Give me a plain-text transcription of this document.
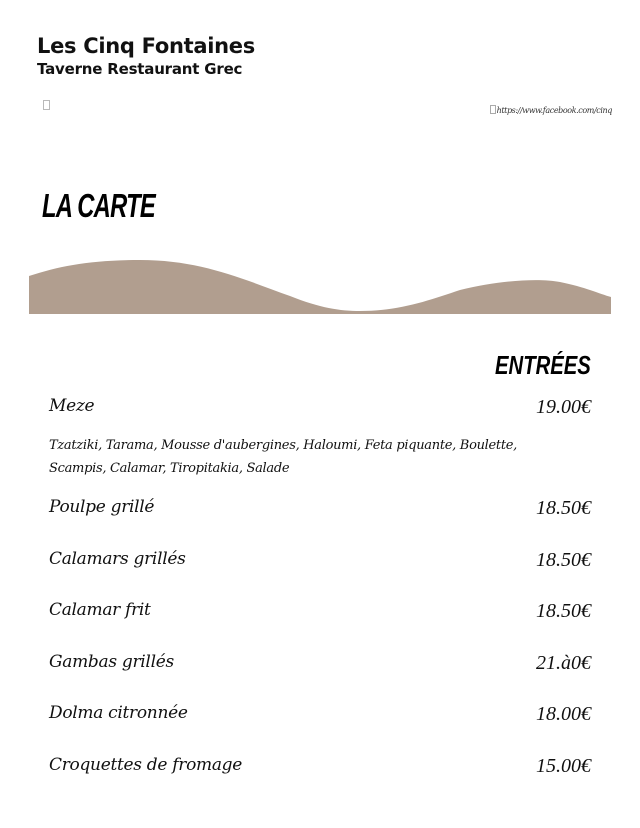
Les Cinq Fontaines
Taverne Restaurant Grec
https://www.facebook.com/cinq
LA CARTE
ENTRÉES
Meze	19.00€
Tzatziki, Tarama, Mousse d'aubergines, Haloumi, Feta piquante, Boulette, Scampis, Calamar, Tiropitakia, Salade
Poulpe grillé	18.50€
Calamars grillés	18.50€
Calamar frit	18.50€
Gambas grillés	21.à0€
Dolma citronnée	18.00€
Croquettes de fromage	15.00€
